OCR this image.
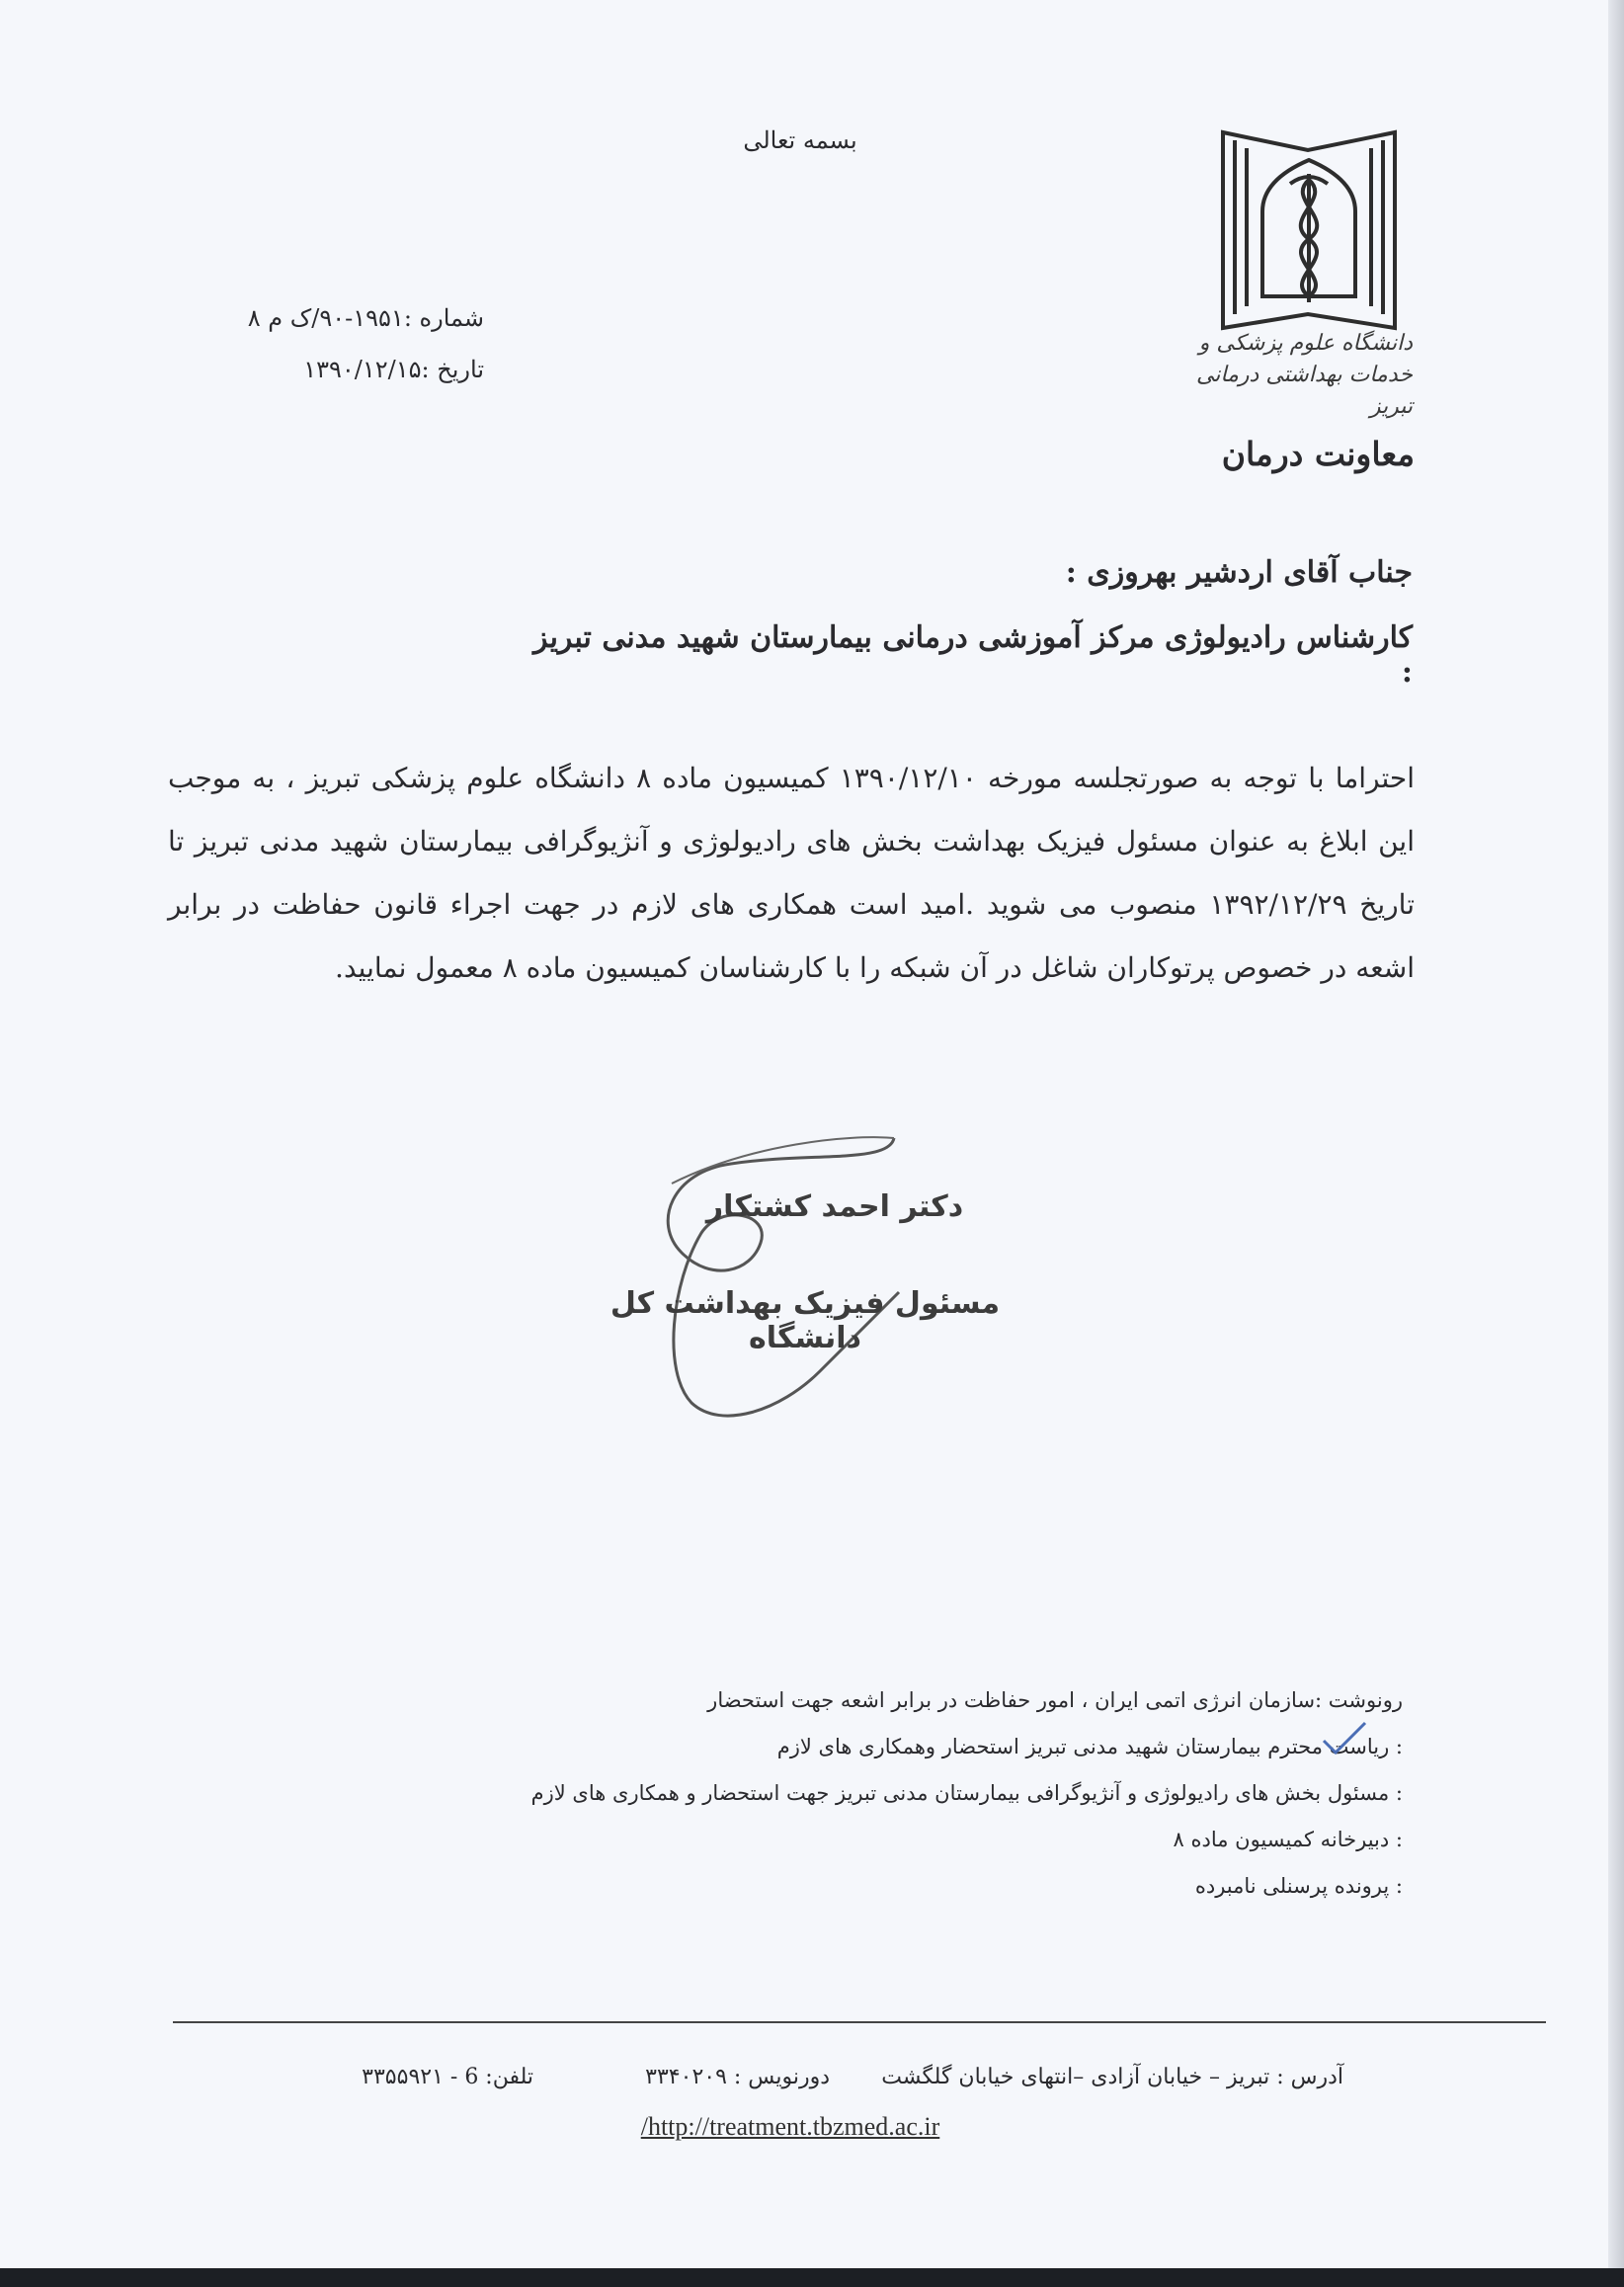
بسمه تعالی
دانشگاه علوم پزشکی و خدمات بهداشتی درمانی تبریز
معاونت درمان
شماره :۱۹۵۱-۹۰/ک م ۸
تاریخ :۱۳۹۰/۱۲/۱۵
جناب آقای اردشیر بهروزی :
کارشناس رادیولوژی مرکز آموزشی درمانی بیمارستان شهید مدنی تبریز :
احتراما با توجه به صورتجلسه مورخه ۱۳۹۰/۱۲/۱۰ کمیسیون ماده ۸ دانشگاه علوم پزشکی تبریز ، به موجب این ابلاغ به عنوان مسئول فیزیک بهداشت بخش های رادیولوژی و آنژیوگرافی بیمارستان شهید مدنی تبریز تا تاریخ ۱۳۹۲/۱۲/۲۹ منصوب می شوید .امید است همکاری های لازم در جهت اجراء قانون حفاظت در برابر اشعه در خصوص پرتوکاران شاغل در آن شبکه را با کارشناسان کمیسیون ماده ۸ معمول نمایید.
دکتر احمد کشتکار
مسئول فیزیک بهداشت کل دانشگاه
رونوشت :سازمان انرژی اتمی ایران ، امور حفاظت در برابر اشعه جهت استحضار
: ریاست محترم بیمارستان شهید مدنی تبریز استحضار وهمکاری های لازم
: مسئول بخش های رادیولوژی و آنژیوگرافی بیمارستان مدنی تبریز جهت استحضار و همکاری های لازم
: دبیرخانه کمیسیون ماده ۸
: پرونده پرسنلی نامبرده
آدرس : تبریز – خیابان آزادی –انتهای خیابان گلگشت
دورنویس : ۳۳۴۰۲۰۹
تلفن: 6 - ۳۳۵۵۹۲۱
/http://treatment.tbzmed.ac.ir
